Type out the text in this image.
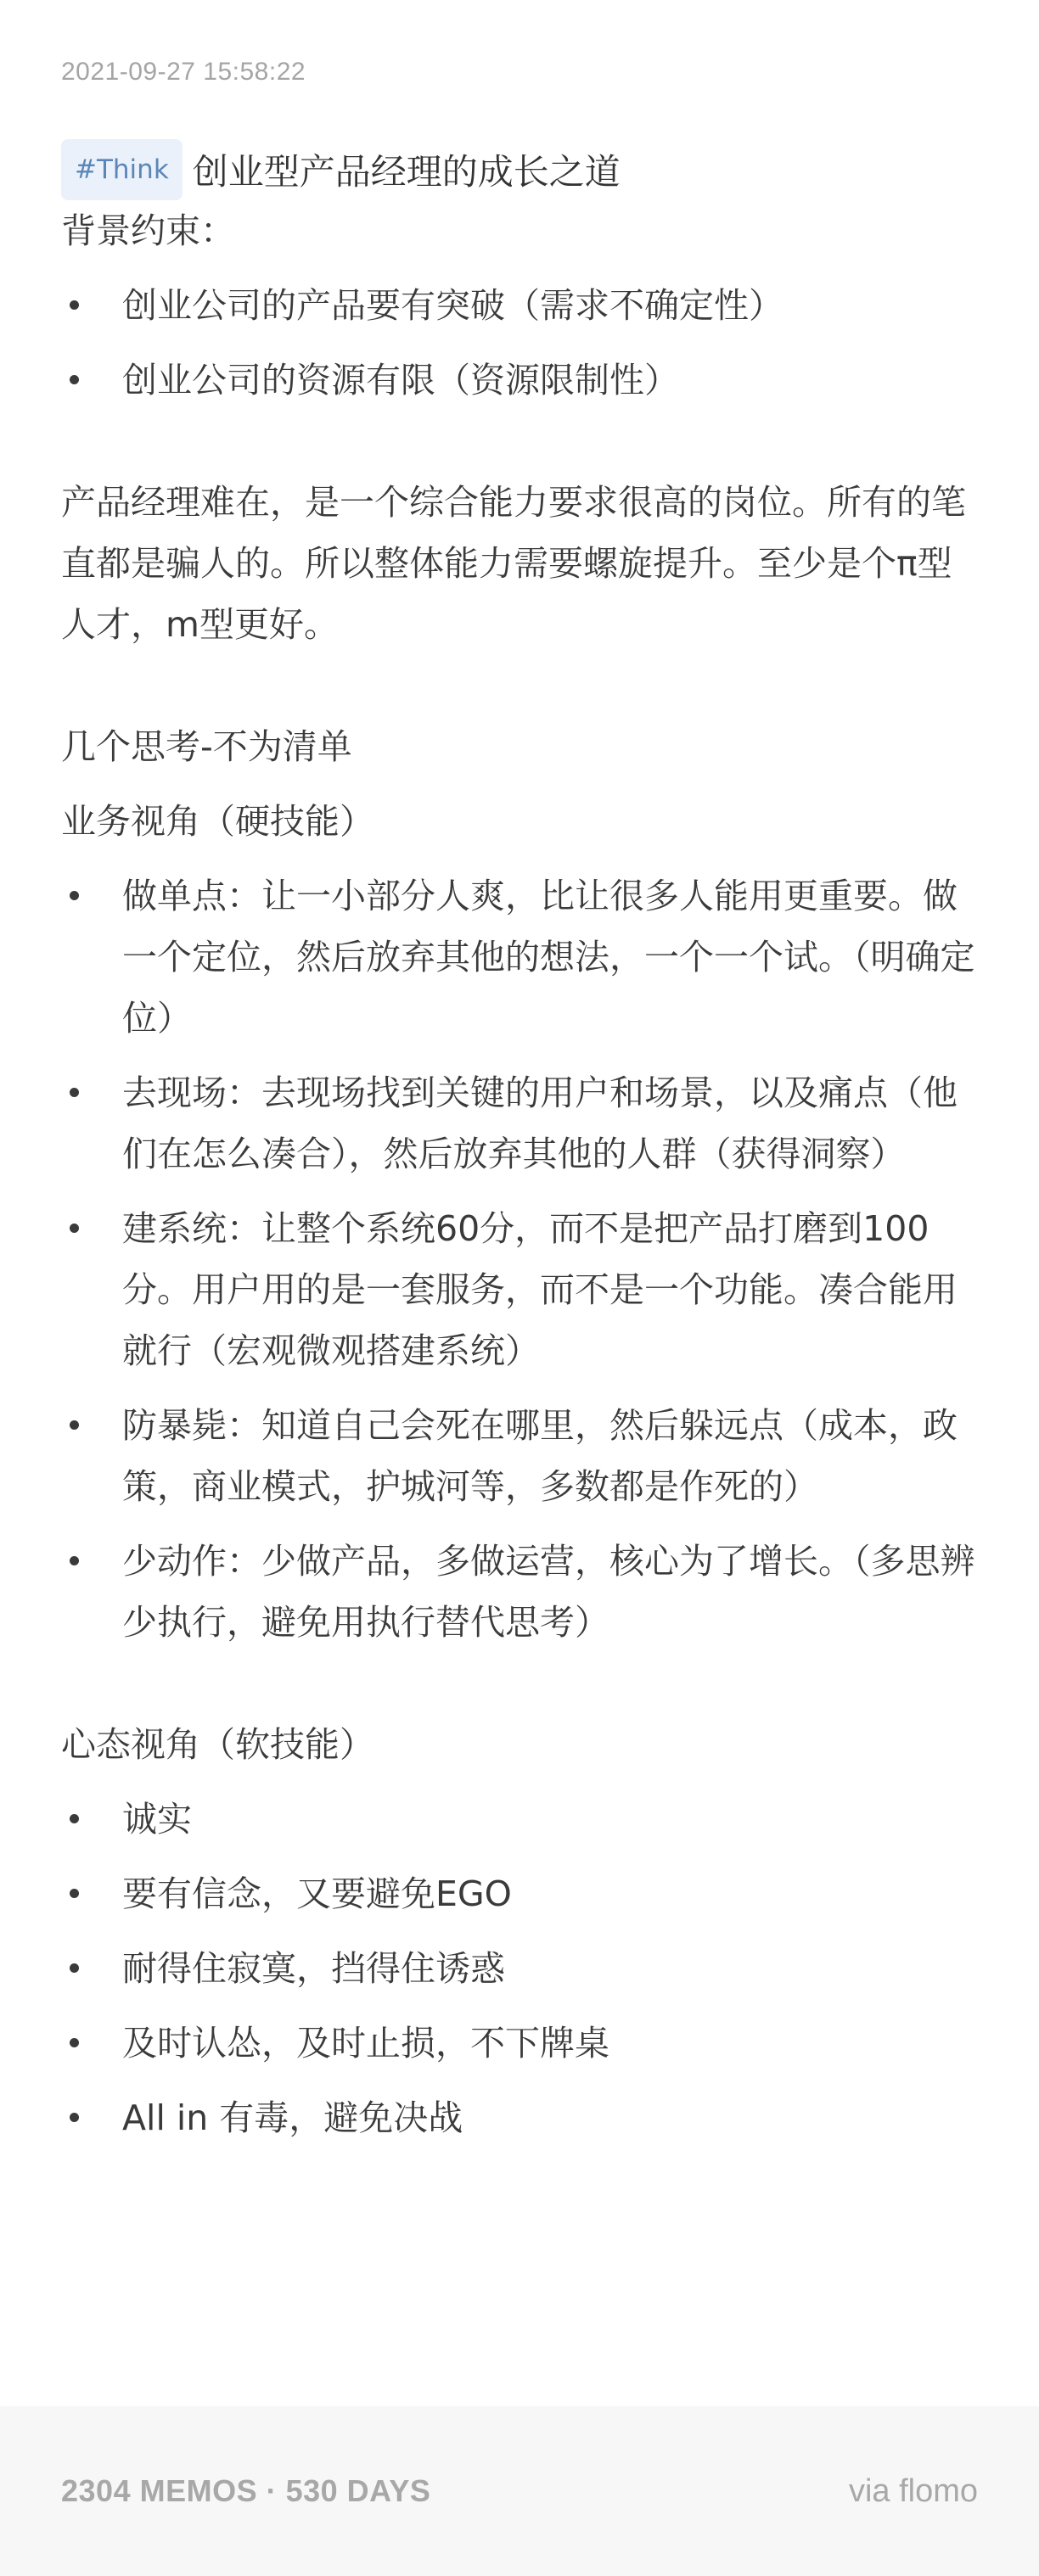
2021-09-27 15:58:22
#Think 创业型产品经理的成长之道

背景约束：

创业公司的产品要有突破（需求不确定性）
创业公司的资源有限（资源限制性）

产品经理难在，是一个综合能力要求很高的岗位。所有的笔直都是骗人的。所以整体能力需要螺旋提升。至少是个π型人才，m型更好。

几个思考-不为清单

业务视角（硬技能）

做单点：让一小部分人爽，比让很多人能用更重要。做一个定位，然后放弃其他的想法，一个一个试。（明确定位）
去现场：去现场找到关键的用户和场景，以及痛点（他们在怎么凑合），然后放弃其他的人群（获得洞察）
建系统：让整个系统60分，而不是把产品打磨到100分。用户用的是一套服务，而不是一个功能。凑合能用就行（宏观微观搭建系统）
防暴毙：知道自己会死在哪里，然后躲远点（成本，政策，商业模式，护城河等，多数都是作死的）
少动作：少做产品，多做运营，核心为了增长。（多思辨少执行，避免用执行替代思考）

心态视角（软技能）

诚实
要有信念，又要避免EGO
耐得住寂寞，挡得住诱惑
及时认怂，及时止损，不下牌桌
All in 有毒，避免决战
2304 MEMOS · 530 DAYS	via flomo
